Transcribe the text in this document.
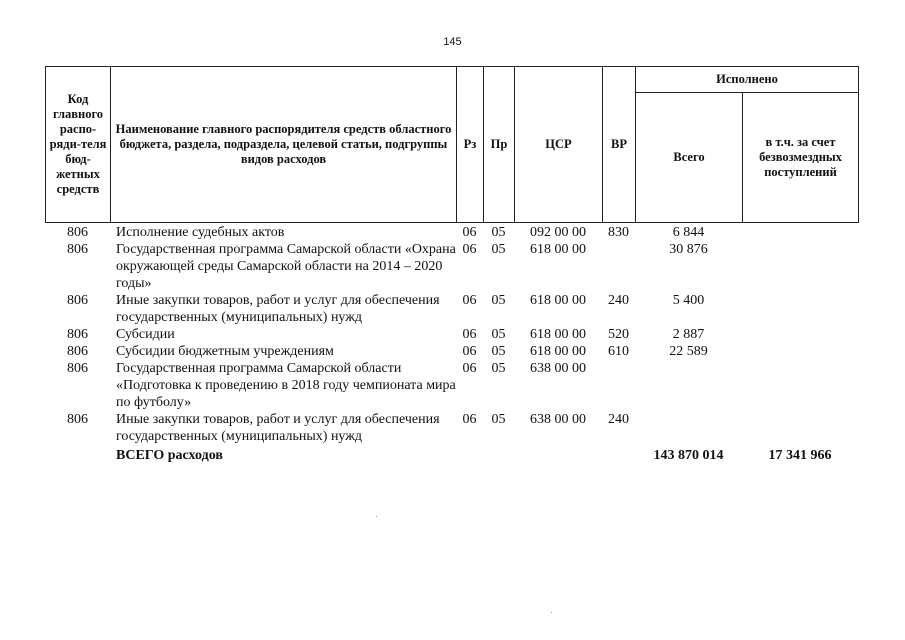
145
Код главного распо-ряди-теля бюд-жетных средств	Наименование главного распорядителя средств областного бюджета, раздела, подраздела, целевой статьи, подгруппы видов расходов	Рз	Пр	ЦСР	ВР	Исполнено	
						Всего	в т.ч. за счет безвозмездных поступлений
806	Исполнение судебных актов	06	05	092 00 00	830	6 844	
806	Государственная программа Самарской области «Охрана окружающей среды Самарской области на 2014 – 2020 годы»	06	05	618 00 00		30 876	
806	Иные закупки товаров, работ и услуг для обеспечения государственных (муниципальных) нужд	06	05	618 00 00	240	5 400	
806	Субсидии	06	05	618 00 00	520	2 887	
806	Субсидии бюджетным учреждениям	06	05	618 00 00	610	22 589	
806	Государственная программа Самарской области «Подготовка к проведению в 2018 году чемпионата мира по футболу»	06	05	638 00 00			
806	Иные закупки товаров, работ и услуг для обеспечения государственных (муниципальных) нужд	06	05	638 00 00	240		
	ВСЕГО расходов					143 870 014	17 341 966
